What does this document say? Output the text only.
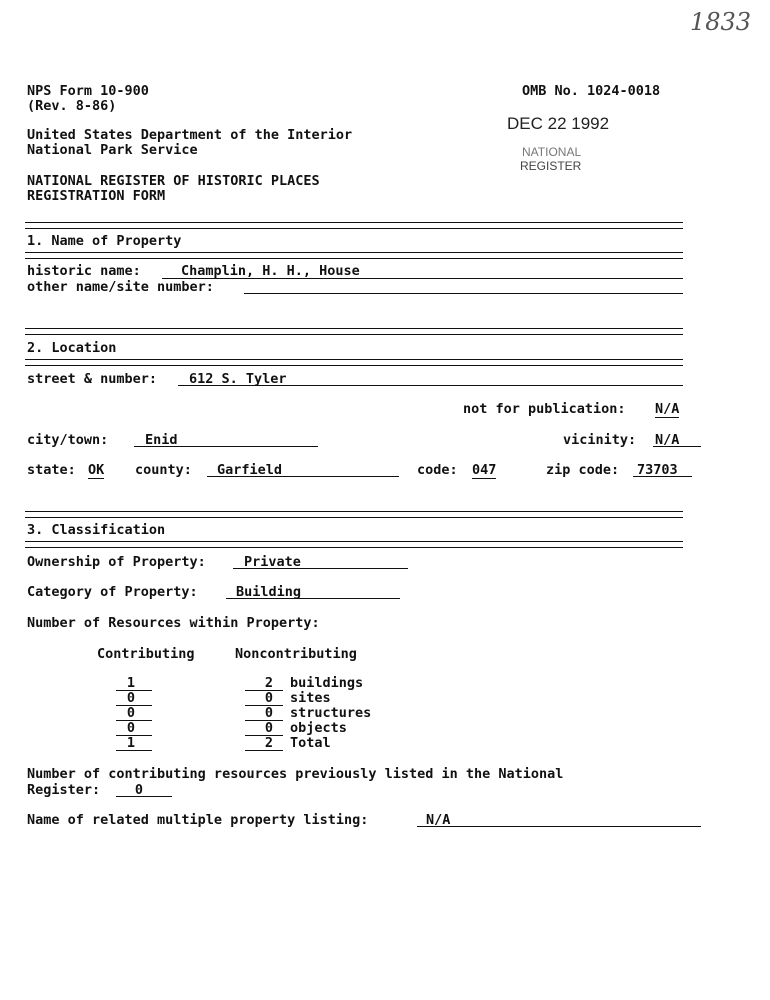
1833
NPS Form 10-900
(Rev. 8-86)
OMB No. 1024-0018
United States Department of the Interior
National Park Service
NATIONAL REGISTER OF HISTORIC PLACES
REGISTRATION FORM
DEC 22 1992
NATIONAL
REGISTER
1. Name of Property
historic name:	Champlin, H. H., House
other name/site number:
2. Location
street & number: 612 S. Tyler
not for publication: N/A
city/town:	Enid	vicinity: N/A
state: OK county: Garfield	code: 047	zip code: 73703
3. Classification
Ownership of Property:	Private
Category of Property:	Building
Number of Resources within Property:
Contributing	Noncontributing
1	2	buildings
0	0	sites
0	0	structures
0	0	objects
1	2	Total
Number of contributing resources previously listed in the National
Register:	0
Name of related multiple property listing:	N/A
